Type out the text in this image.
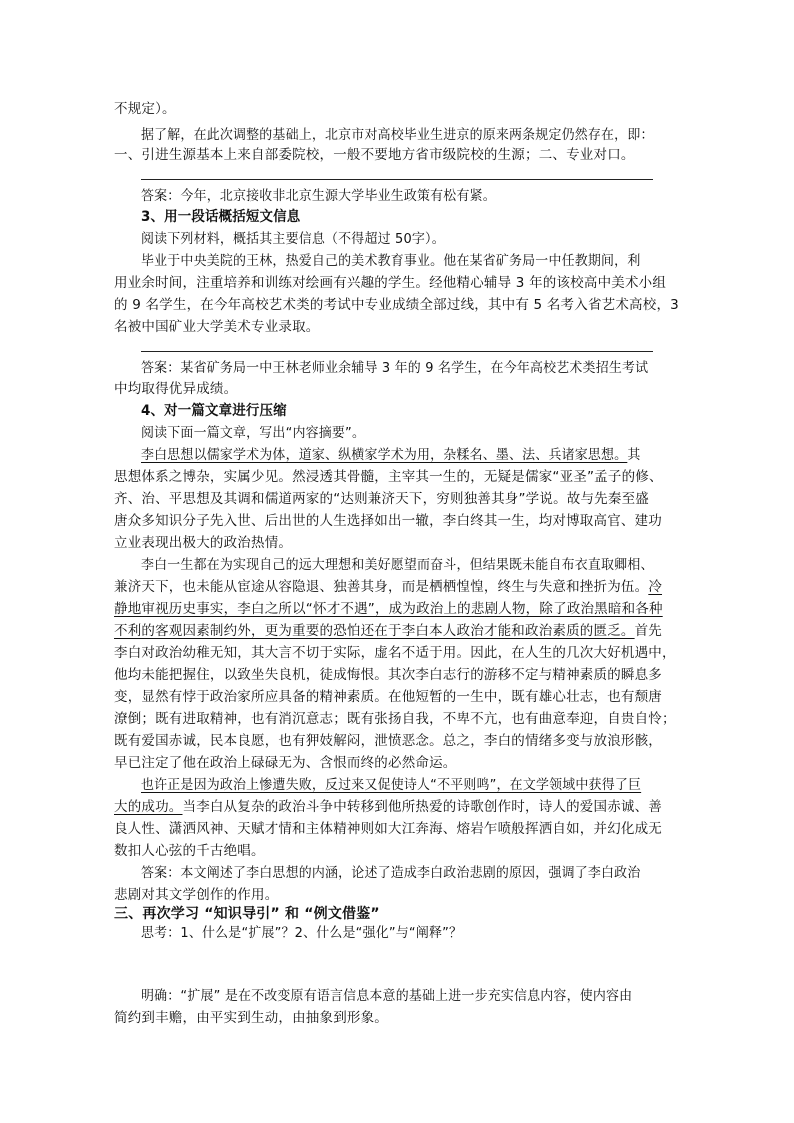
不规定）。
据了解，在此次调整的基础上，北京市对高校毕业生进京的原来两条规定仍然存在，即：
一、引进生源基本上来自部委院校，一般不要地方省市级院校的生源；二、专业对口。
答案：今年，北京接收非北京生源大学毕业生政策有松有紧。
3、用一段话概括短文信息
阅读下列材料，概括其主要信息（不得超过 50字）。
毕业于中央美院的王林，热爱自己的美术教育事业。他在某省矿务局一中任教期间，利
用业余时间，注重培养和训练对绘画有兴趣的学生。经他精心辅导 3 年的该校高中美术小组
的 9 名学生，在今年高校艺术类的考试中专业成绩全部过线，其中有 5 名考入省艺术高校，3
名被中国矿业大学美术专业录取。
答案：某省矿务局一中王林老师业余辅导 3 年的 9 名学生，在今年高校艺术类招生考试
中均取得优异成绩。
4、对一篇文章进行压缩
阅读下面一篇文章，写出“内容摘要”。
李白思想以儒家学术为体，道家、纵横家学术为用，杂糅名、墨、法、兵诸家思想。其
思想体系之博杂，实属少见。然浸透其骨髓，主宰其一生的，无疑是儒家“亚圣”孟子的修、
齐、治、平思想及其调和儒道两家的“达则兼济天下，穷则独善其身”学说。故与先秦至盛
唐众多知识分子先入世、后出世的人生选择如出一辙，李白终其一生，均对博取高官、建功
立业表现出极大的政治热情。
李白一生都在为实现自己的远大理想和美好愿望而奋斗，但结果既未能自布衣直取卿相、
兼济天下，也未能从宦途从容隐退、独善其身，而是栖栖惶惶，终生与失意和挫折为伍。冷
静地审视历史事实，李白之所以“怀才不遇”，成为政治上的悲剧人物，除了政治黑暗和各种
不利的客观因素制约外，更为重要的恐怕还在于李白本人政治才能和政治素质的匮乏。首先
李白对政治幼稚无知，其大言不切于实际，虚名不适于用。因此，在人生的几次大好机遇中，
他均未能把握住，以致坐失良机，徒成悔恨。其次李白志行的游移不定与精神素质的瞬息多
变，显然有悖于政治家所应具备的精神素质。在他短暂的一生中，既有雄心壮志，也有颓唐
潦倒；既有进取精神，也有消沉意志；既有张扬自我，不卑不亢，也有曲意奉迎，自贵自怜；
既有爱国赤诚，民本良愿，也有狎妓解闷，泄愤恶念。总之，李白的情绪多变与放浪形骸，
早已注定了他在政治上碌碌无为、含恨而终的必然命运。
也许正是因为政治上惨遭失败，反过来又促使诗人“不平则鸣”，在文学领域中获得了巨
大的成功。当李白从复杂的政治斗争中转移到他所热爱的诗歌创作时，诗人的爱国赤诚、善
良人性、潇洒风神、天赋才情和主体精神则如大江奔海、熔岩乍喷般挥洒自如，并幻化成无
数扣人心弦的千古绝唱。
答案：本文阐述了李白思想的内涵，论述了造成李白政治悲剧的原因，强调了李白政治
悲剧对其文学创作的作用。
三、再次学习 “知识导引” 和 “例文借鉴”
思考：1、什么是“扩展”？2、什么是“强化”与“阐释”？
明确：“扩展” 是在不改变原有语言信息本意的基础上进一步充实信息内容，使内容由
简约到丰赡，由平实到生动，由抽象到形象。
